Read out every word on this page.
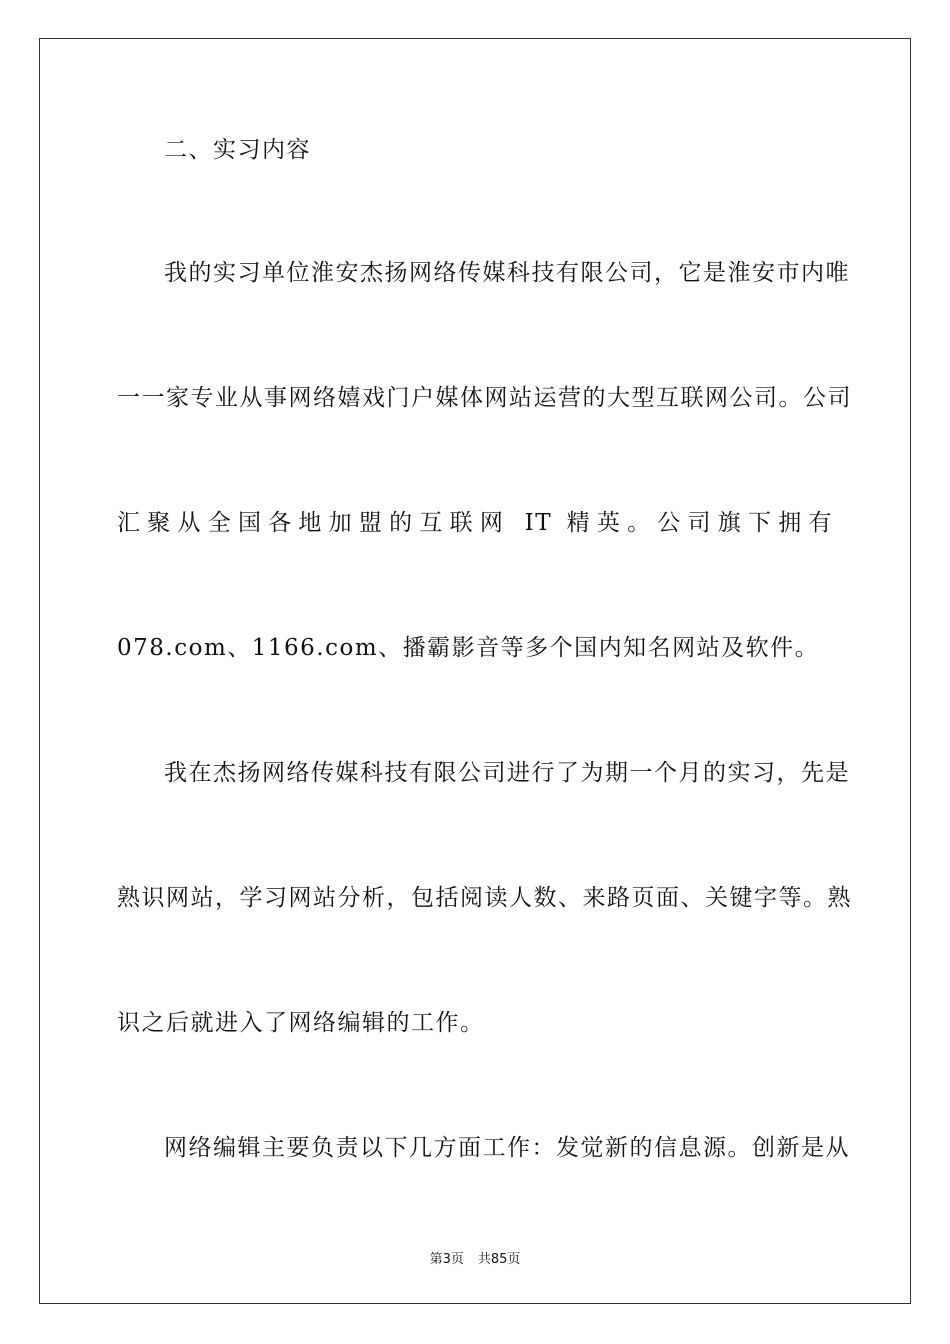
二、实习内容
我的实习单位淮安杰扬网络传媒科技有限公司，它是淮安市内唯
一一家专业从事网络嬉戏门户媒体网站运营的大型互联网公司。公司
汇聚从全国各地加盟的互联网 IT 精英。公司旗下拥有
078.com、1166.com、播霸影音等多个国内知名网站及软件。
我在杰扬网络传媒科技有限公司进行了为期一个月的实习，先是
熟识网站，学习网站分析，包括阅读人数、来路页面、关键字等。熟
识之后就进入了网络编辑的工作。
网络编辑主要负责以下几方面工作：发觉新的信息源。创新是从
第3页 共85页
